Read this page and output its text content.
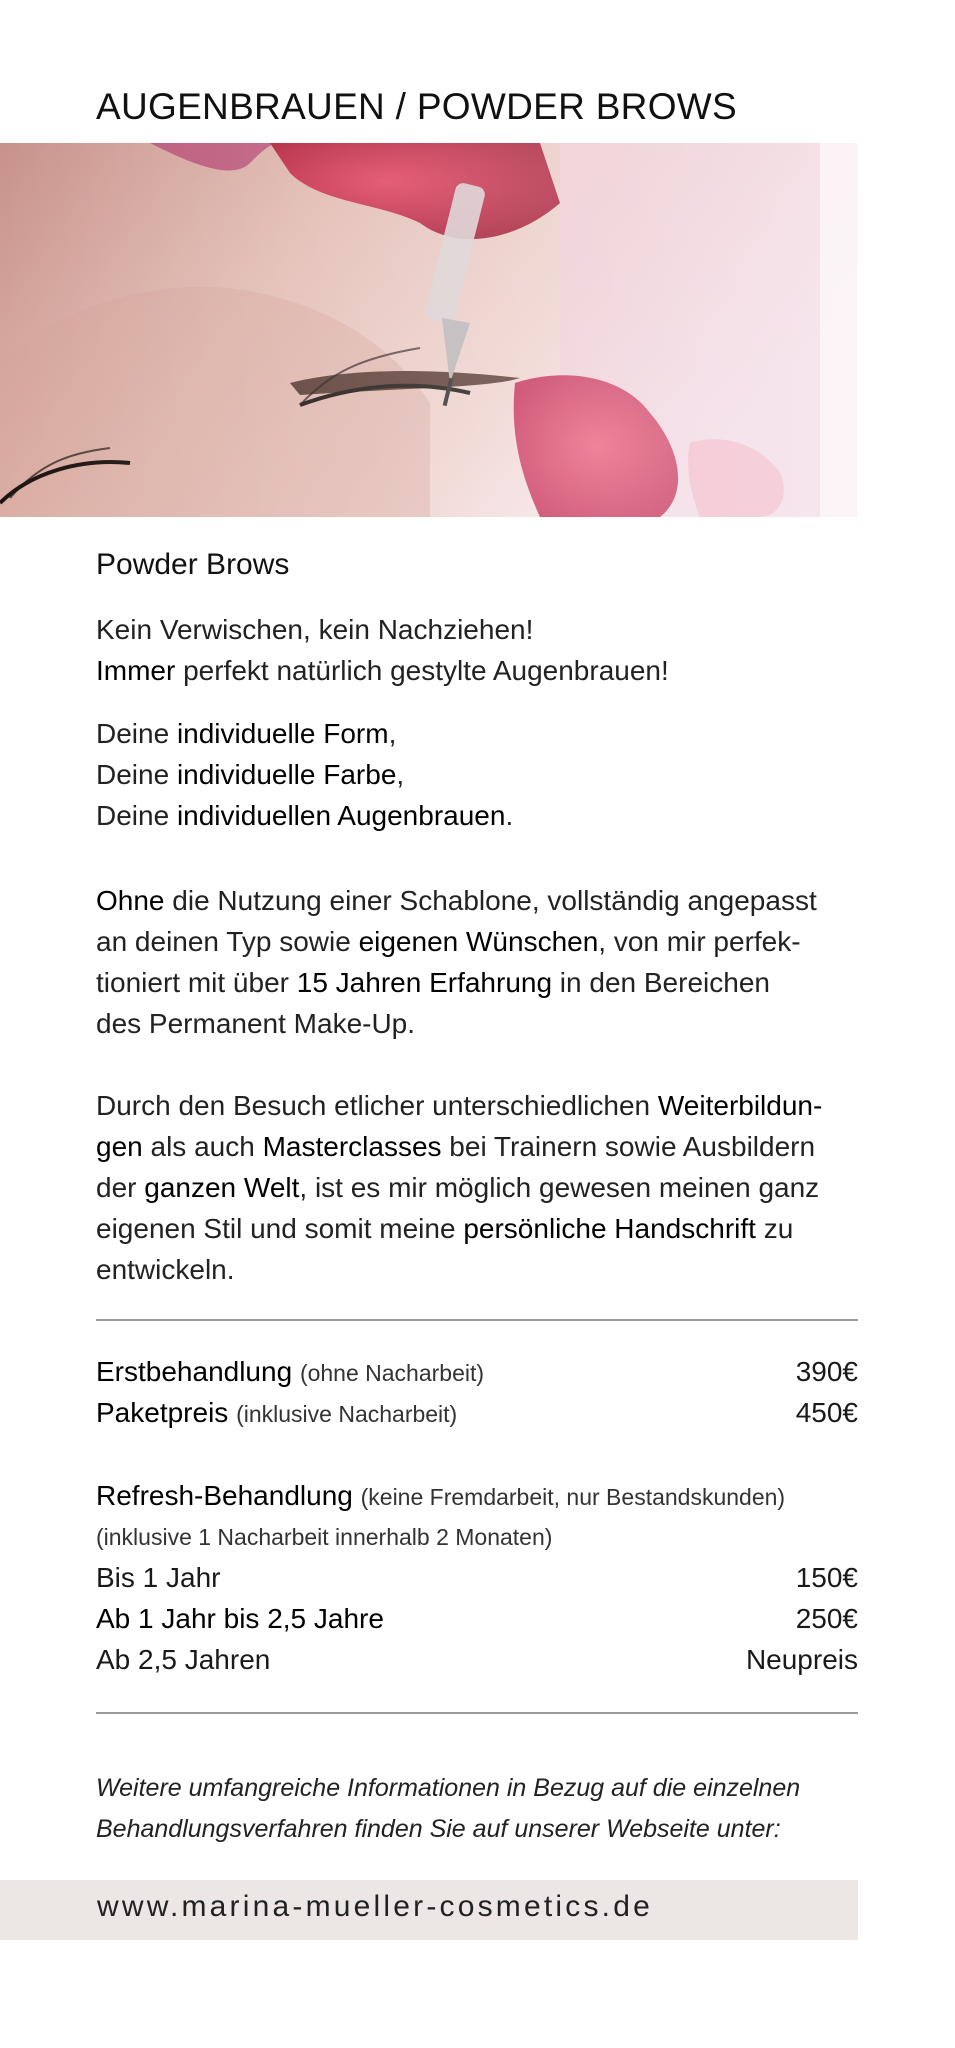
AUGENBRAUEN / POWDER BROWS
Powder Brows
Kein Verwischen, kein Nachziehen!
Immer perfekt natürlich gestylte Augenbrauen!
Deine individuelle Form,
Deine individuelle Farbe,
Deine individuellen Augenbrauen.
Ohne die Nutzung einer Schablone, vollständig angepasst
an deinen Typ sowie eigenen Wünschen, von mir perfek-
tioniert mit über 15 Jahren Erfahrung in den Bereichen
des Permanent Make-Up.
Durch den Besuch etlicher unterschiedlichen Weiterbildun-
gen als auch Masterclasses bei Trainern sowie Ausbildern
der ganzen Welt, ist es mir möglich gewesen meinen ganz
eigenen Stil und somit meine persönliche Handschrift zu
entwickeln.
Erstbehandlung (ohne Nacharbeit)	390€
Paketpreis (inklusive Nacharbeit)	450€
Refresh-Behandlung (keine Fremdarbeit, nur Bestandskunden)
(inklusive 1 Nacharbeit innerhalb 2 Monaten)
Bis 1 Jahr	150€
Ab 1 Jahr bis 2,5 Jahre	250€
Ab 2,5 Jahren	Neupreis
Weitere umfangreiche Informationen in Bezug auf die einzelnen
Behandlungsverfahren finden Sie auf unserer Webseite unter:
www.marina-mueller-cosmetics.de
